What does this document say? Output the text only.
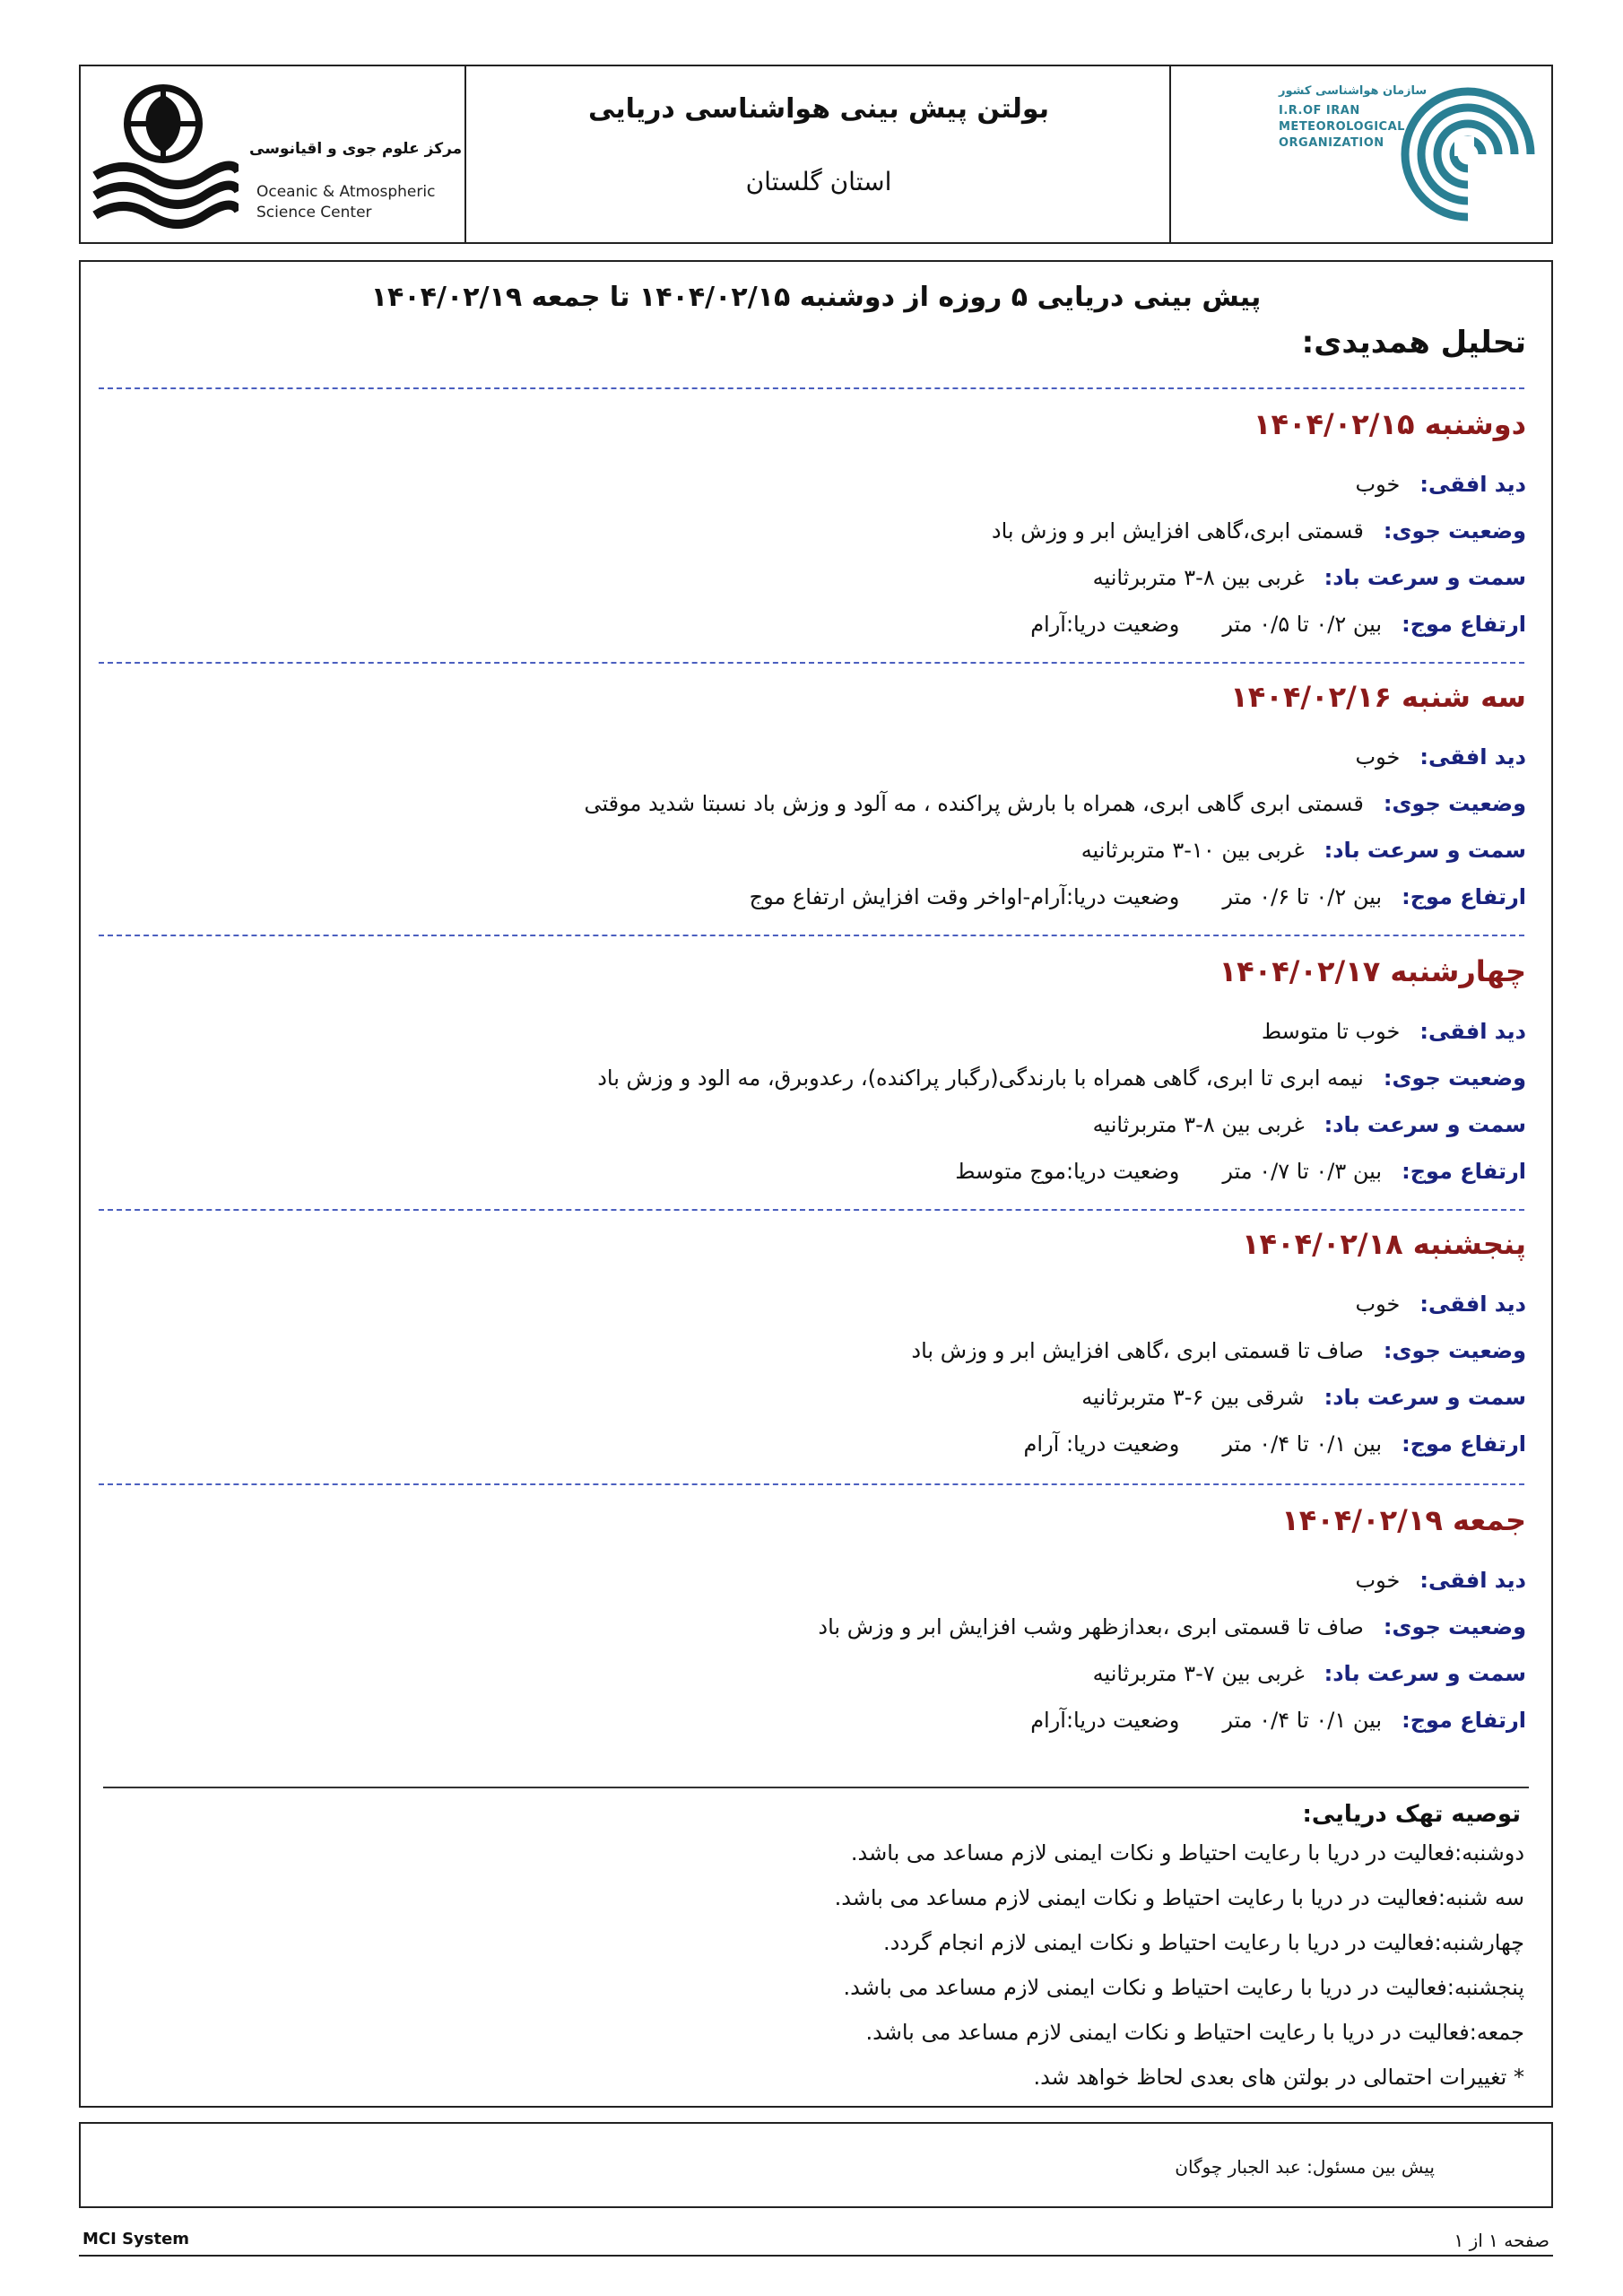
سازمان هواشناسی کشور
I.R.OF IRAN
METEOROLOGICAL
ORGANIZATION
بولتن پیش بینی هواشناسی دریایی
استان گلستان
مرکز علوم جوی و اقیانوسی
Oceanic & Atmospheric
Science Center
پیش بینی دریایی ۵ روزه از دوشنبه ۱۴۰۴/۰۲/۱۵ تا جمعه ۱۴۰۴/۰۲/۱۹
تحلیل همدیدی:
دوشنبه ۱۴۰۴/۰۲/۱۵
دید افقی:خوب
وضعیت جوی:قسمتی ابری،گاهی افزایش ابر و وزش باد
سمت و سرعت باد:غربی بین ۸-۳ متربرثانیه
ارتفاع موج:بین ۰/۲ تا ۰/۵ متروضعیت دریا:آرام
سه شنبه ۱۴۰۴/۰۲/۱۶
دید افقی:خوب
وضعیت جوی:قسمتی ابری گاهی ابری، همراه با بارش پراکنده ، مه آلود و وزش باد نسبتا شدید موقتی
سمت و سرعت باد:غربی بین ۱۰-۳ متربرثانیه
ارتفاع موج:بین ۰/۲ تا ۰/۶ متروضعیت دریا:آرام-اواخر وقت افزایش ارتفاع موج
چهارشنبه ۱۴۰۴/۰۲/۱۷
دید افقی:خوب تا متوسط
وضعیت جوی:نیمه ابری تا ابری، گاهی همراه با بارندگی(رگبار پراکنده)، رعدوبرق، مه الود و وزش باد
سمت و سرعت باد:غربی بین ۸-۳ متربرثانیه
ارتفاع موج:بین ۰/۳ تا ۰/۷ متروضعیت دریا:موج متوسط
پنجشنبه ۱۴۰۴/۰۲/۱۸
دید افقی:خوب
وضعیت جوی:صاف تا قسمتی ابری ،گاهی افزایش ابر و وزش باد
سمت و سرعت باد:شرقی بین ۶-۳ متربرثانیه
ارتفاع موج:بین ۰/۱ تا ۰/۴ متروضعیت دریا: آرام
جمعه ۱۴۰۴/۰۲/۱۹
دید افقی:خوب
وضعیت جوی:صاف تا قسمتی ابری ،بعدازظهر وشب افزایش ابر و وزش باد
سمت و سرعت باد:غربی بین ۷-۳ متربرثانیه
ارتفاع موج:بین ۰/۱ تا ۰/۴ متروضعیت دریا:آرام
توصیه تهک دریایی:
دوشنبه:فعالیت در دریا با رعایت احتیاط و نکات ایمنی لازم مساعد می باشد.
سه شنبه:فعالیت در دریا با رعایت احتیاط و نکات ایمنی لازم مساعد می باشد.
چهارشنبه:فعالیت در دریا با رعایت احتیاط و نکات ایمنی لازم انجام گردد.
پنجشنبه:فعالیت در دریا با رعایت احتیاط و نکات ایمنی لازم مساعد می باشد.
جمعه:فعالیت در دریا با رعایت احتیاط و نکات ایمنی لازم مساعد می باشد.
* تغییرات احتمالی در بولتن های بعدی لحاظ خواهد شد.
پیش بین مسئول: عبد الجبار چوگان
MCI System	صفحه ۱ از ۱
